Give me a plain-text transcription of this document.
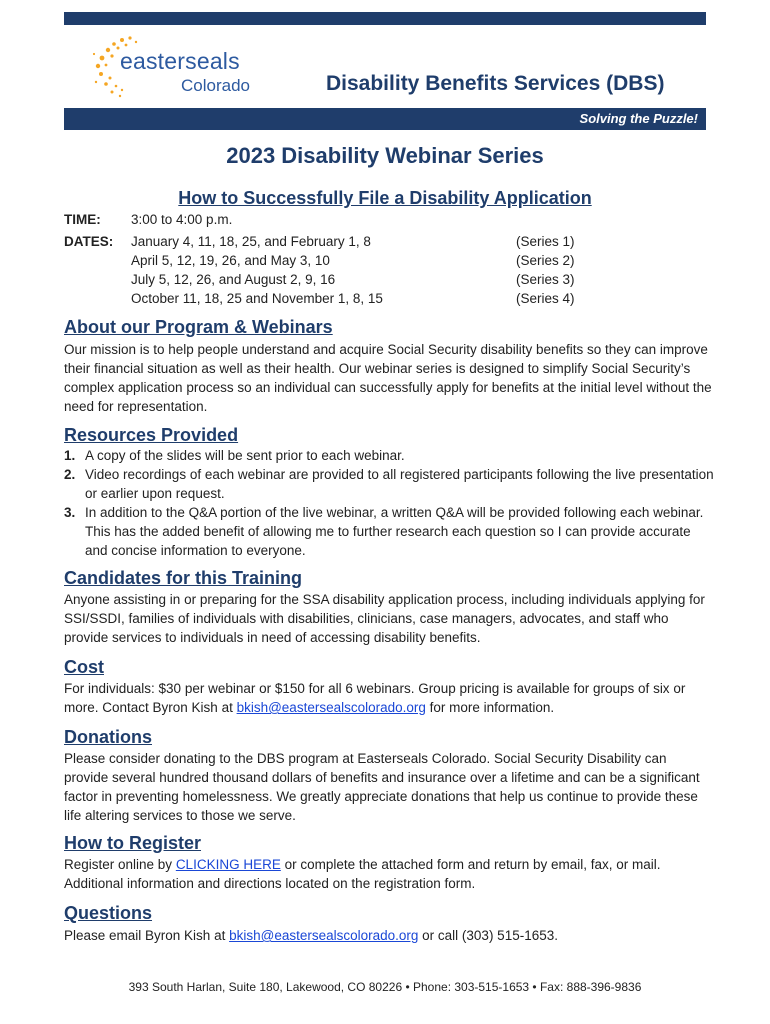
easterseals
Colorado	Disability Benefits Services (DBS)
Solving the Puzzle!
2023 Disability Webinar Series
How to Successfully File a Disability Application
TIME: 3:00 to 4:00 p.m.
DATES: January 4, 11, 18, 25, and February 1, 8
April 5, 12, 19, 26, and May 3, 10
July 5, 12, 26, and August 2, 9, 16
October 11, 18, 25 and November 1, 8, 15
(Series 1)
(Series 2)
(Series 3)
(Series 4)
About our Program & Webinars
Our mission is to help people understand and acquire Social Security disability benefits so they can improve their financial situation as well as their health. Our webinar series is designed to simplify Social Security’s complex application process so an individual can successfully apply for benefits at the initial level without the need for representation.
Resources Provided
1. A copy of the slides will be sent prior to each webinar.
2. Video recordings of each webinar are provided to all registered participants following the live presentation or earlier upon request.
3. In addition to the Q&A portion of the live webinar, a written Q&A will be provided following each webinar. This has the added benefit of allowing me to further research each question so I can provide accurate and concise information to everyone.
Candidates for this Training
Anyone assisting in or preparing for the SSA disability application process, including individuals applying for SSI/SSDI, families of individuals with disabilities, clinicians, case managers, advocates, and staff who provide services to individuals in need of accessing disability benefits.
Cost
For individuals: $30 per webinar or $150 for all 6 webinars. Group pricing is available for groups of six or more. Contact Byron Kish at bkish@eastersealscolorado.org for more information.
Donations
Please consider donating to the DBS program at Easterseals Colorado. Social Security Disability can provide several hundred thousand dollars of benefits and insurance over a lifetime and can be a significant factor in preventing homelessness. We greatly appreciate donations that help us continue to provide these life altering services to those we serve.
How to Register
Register online by CLICKING HERE or complete the attached form and return by email, fax, or mail. Additional information and directions located on the registration form.
Questions
Please email Byron Kish at bkish@eastersealscolorado.org or call (303) 515-1653.
393 South Harlan, Suite 180, Lakewood, CO 80226 • Phone: 303-515-1653 • Fax: 888-396-9836
